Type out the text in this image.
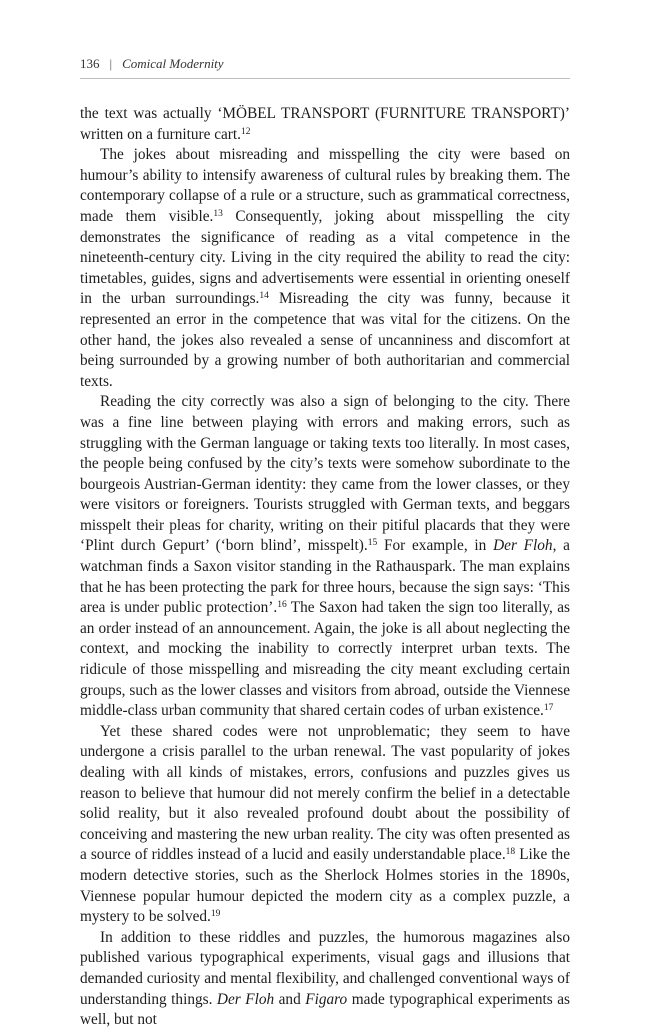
136 | Comical Modernity

the text was actually ‘MÖBEL TRANSPORT (FURNITURE TRANSPORT)’ written on a furniture cart.$^{12}$

The jokes about misreading and misspelling the city were based on humour’s ability to intensify awareness of cultural rules by breaking them. The contemporary collapse of a rule or a structure, such as grammatical correctness, made them visible.$^{13}$ Consequently, joking about misspelling the city demonstrates the significance of reading as a vital competence in the nineteenth-century city. Living in the city required the ability to read the city: timetables, guides, signs and advertisements were essential in orienting oneself in the urban surroundings.$^{14}$ Misreading the city was funny, because it represented an error in the competence that was vital for the citizens. On the other hand, the jokes also revealed a sense of uncanniness and discomfort at being surrounded by a growing number of both authoritarian and commercial texts.

Reading the city correctly was also a sign of belonging to the city. There was a fine line between playing with errors and making errors, such as struggling with the German language or taking texts too literally. In most cases, the people being confused by the city’s texts were somehow subordinate to the bourgeois Austrian-German identity: they came from the lower classes, or they were visitors or foreigners. Tourists struggled with German texts, and beggars misspelt their pleas for charity, writing on their pitiful placards that they were ‘Plint durch Gepurt’ (‘born blind’, misspelt).$^{15}$ For example, in Der Floh, a watchman finds a Saxon visitor standing in the Rathauspark. The man explains that he has been protecting the park for three hours, because the sign says: ‘This area is under public protection’.$^{16}$ The Saxon had taken the sign too literally, as an order instead of an announcement. Again, the joke is all about neglecting the context, and mocking the inability to correctly interpret urban texts. The ridicule of those misspelling and misreading the city meant excluding certain groups, such as the lower classes and visitors from abroad, outside the Viennese middle-class urban community that shared certain codes of urban existence.$^{17}$

Yet these shared codes were not unproblematic; they seem to have undergone a crisis parallel to the urban renewal. The vast popularity of jokes dealing with all kinds of mistakes, errors, confusions and puzzles gives us reason to believe that humour did not merely confirm the belief in a detectable solid reality, but it also revealed profound doubt about the possibility of conceiving and mastering the new urban reality. The city was often presented as a source of riddles instead of a lucid and easily understandable place.$^{18}$ Like the modern detective stories, such as the Sherlock Holmes stories in the 1890s, Viennese popular humour depicted the modern city as a complex puzzle, a mystery to be solved.$^{19}$

In addition to these riddles and puzzles, the humorous magazines also published various typographical experiments, visual gags and illusions that demanded curiosity and mental flexibility, and challenged conventional ways of understanding things. Der Floh and Figaro made typographical experiments as well, but not
